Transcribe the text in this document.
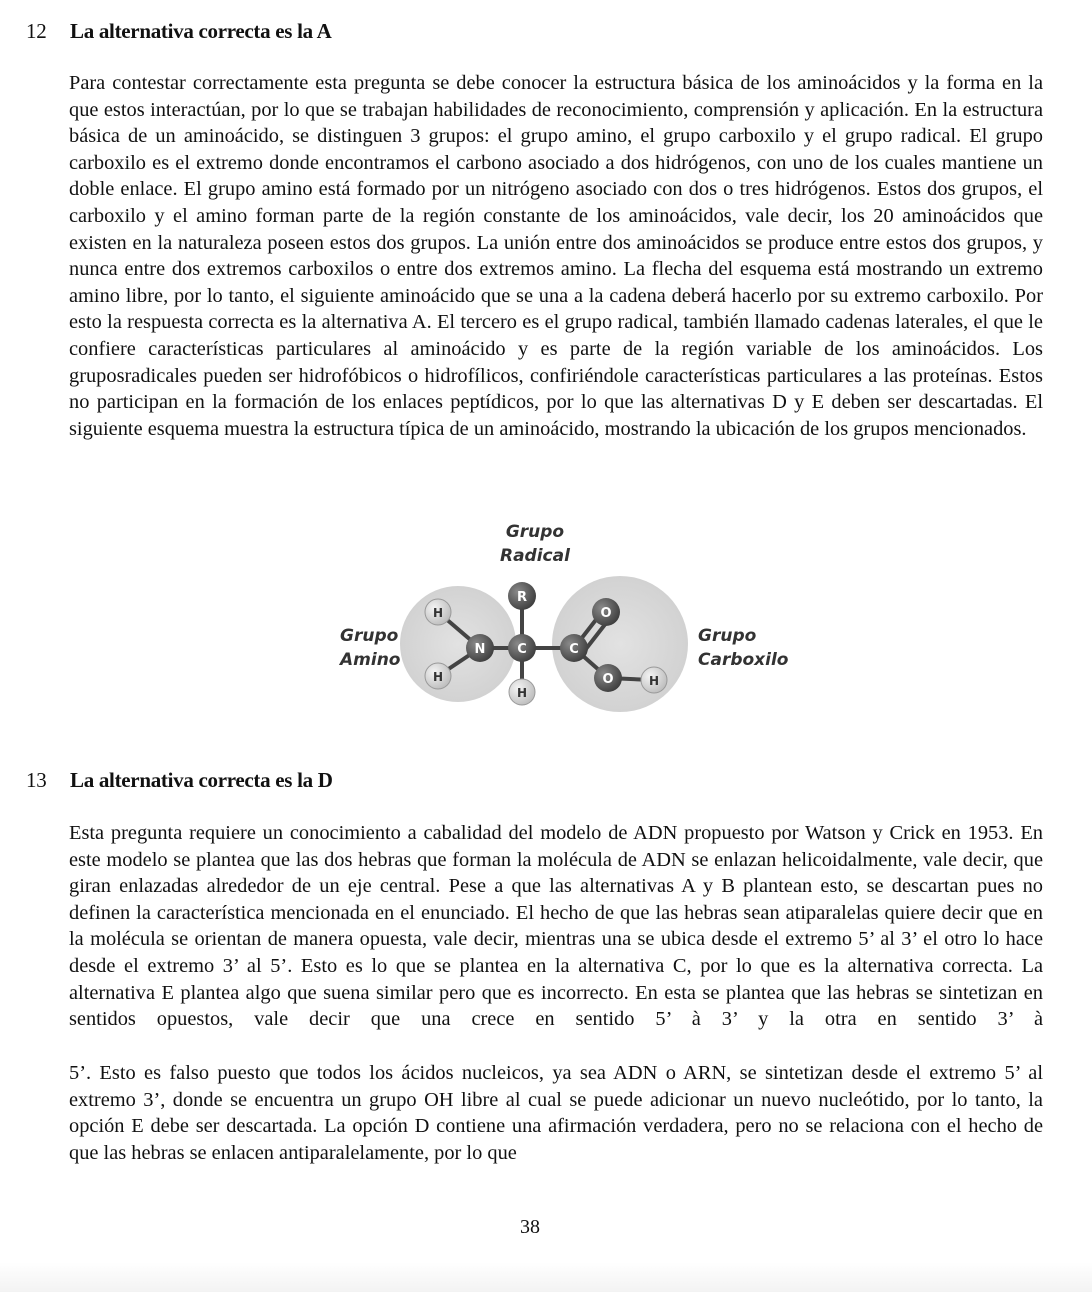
12 La alternativa correcta es la A

Para contestar correctamente esta pregunta se debe conocer la estructura básica de los aminoácidos y la forma en la que estos interactúan, por lo que se trabajan habilidades de reconocimiento, comprensión y aplicación. En la estructura básica de un aminoácido, se distinguen 3 grupos: el grupo amino, el grupo carboxilo y el grupo radical. El grupo carboxilo es el extremo donde encontramos el carbono asociado a dos hidrógenos, con uno de los cuales mantiene un doble enlace. El grupo amino está formado por un nitrógeno asociado con dos o tres hidrógenos. Estos dos grupos, el carboxilo y el amino forman parte de la región constante de los aminoácidos, vale decir, los 20 aminoácidos que existen en la naturaleza poseen estos dos grupos. La unión entre dos aminoácidos se produce entre estos dos grupos, y nunca entre dos extremos carboxilos o entre dos extremos amino. La flecha del esquema está mostrando un extremo amino libre, por lo tanto, el siguiente aminoácido que se una a la cadena deberá hacerlo por su extremo carboxilo. Por esto la respuesta correcta es la alternativa A. El tercero es el grupo radical, también llamado cadenas laterales, el que le confiere características particulares al aminoácido y es parte de la región variable de los aminoácidos. Los gruposradicales pueden ser hidrofóbicos o hidrofílicos, confiriéndole características particulares a las proteínas. Estos no participan en la formación de los enlaces peptídicos, por lo que las alternativas D y E deben ser descartadas. El siguiente esquema muestra la estructura típica de un aminoácido, mostrando la ubicación de los grupos mencionados.

R
H
N
H
C
H
C
O
O	H
Grupo
Radical
Grupo
Amino
Grupo
Carboxilo
13 La alternativa correcta es la D

Esta pregunta requiere un conocimiento a cabalidad del modelo de ADN propuesto por Watson y Crick en 1953. En este modelo se plantea que las dos hebras que forman la molécula de ADN se enlazan helicoidalmente, vale decir, que giran enlazadas alrededor de un eje central. Pese a que las alternativas A y B plantean esto, se descartan pues no definen la característica mencionada en el enunciado. El hecho de que las hebras sean atiparalelas quiere decir que en la molécula se orientan de manera opuesta, vale decir, mientras una se ubica desde el extremo 5’ al 3’ el otro lo hace desde el extremo 3’ al 5’. Esto es lo que se plantea en la alternativa C, por lo que es la alternativa correcta. La alternativa E plantea algo que suena similar pero que es incorrecto. En esta se plantea que las hebras se sintetizan en sentidos opuestos, vale decir que una crece en sentido 5’ à 3’ y la otra en sentido 3’ à

5’. Esto es falso puesto que todos los ácidos nucleicos, ya sea ADN o ARN, se sintetizan desde el extremo 5’ al extremo 3’, donde se encuentra un grupo OH libre al cual se puede adicionar un nuevo nucleótido, por lo tanto, la opción E debe ser descartada. La opción D contiene una afirmación verdadera, pero no se relaciona con el hecho de que las hebras se enlacen antiparalelamente, por lo que

38
